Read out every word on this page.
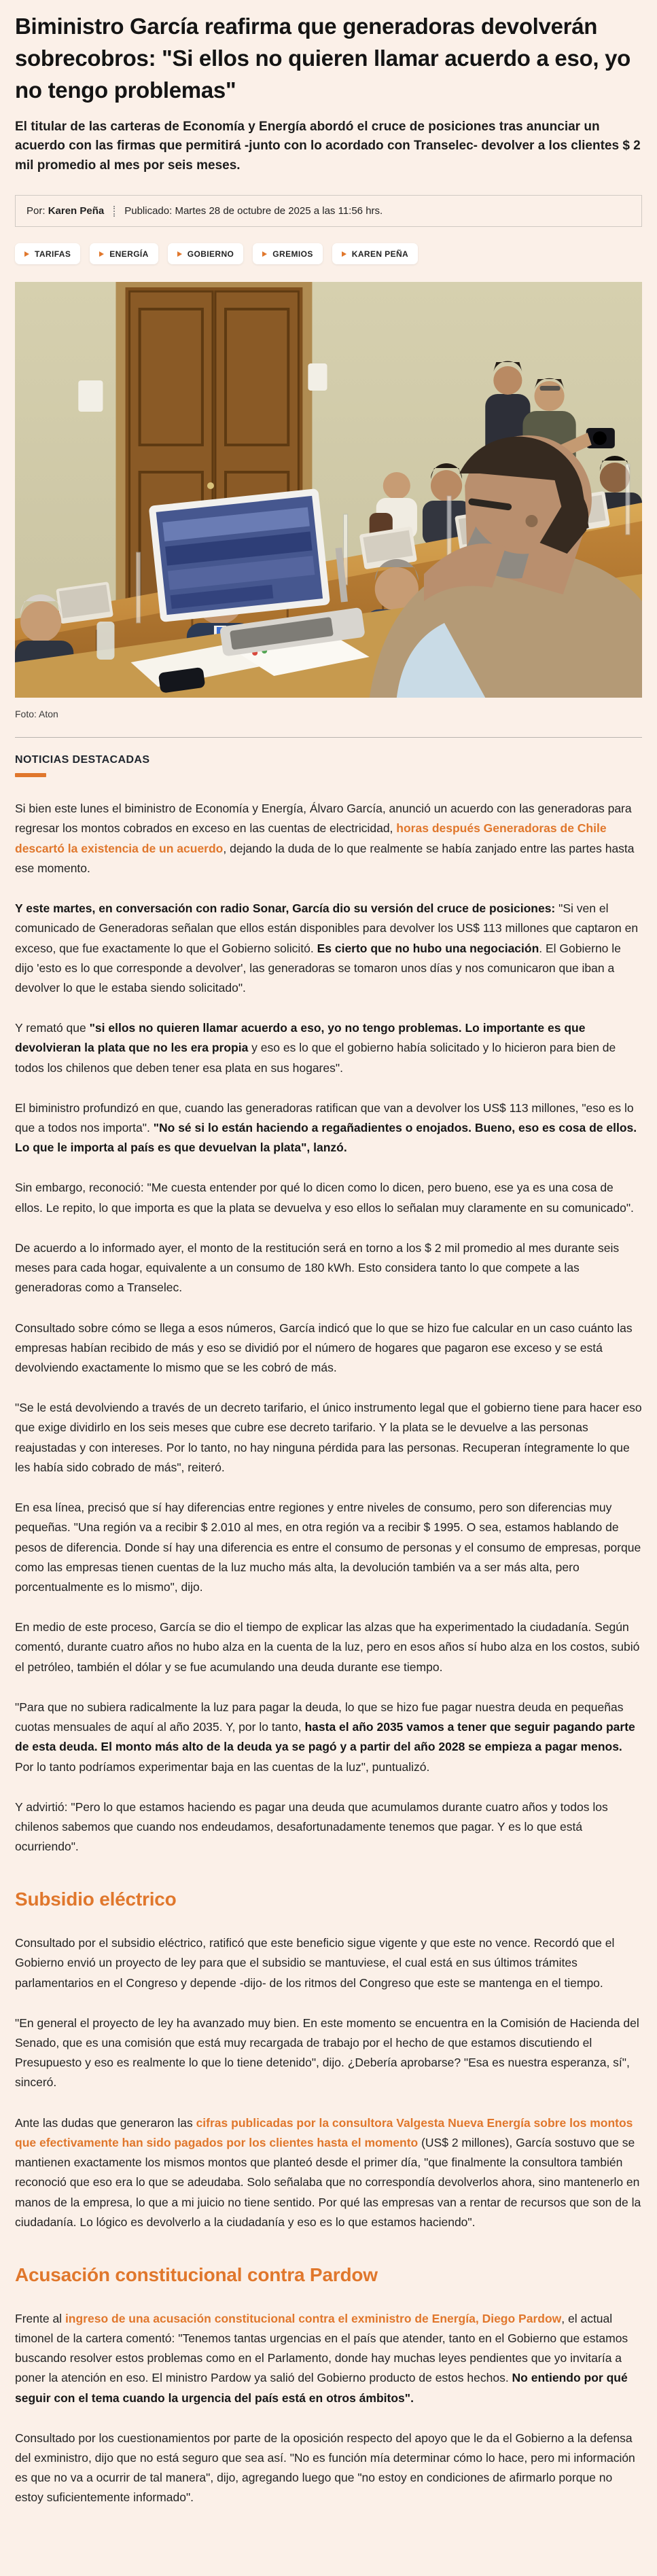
Biministro García reafirma que generadoras devolverán sobrecobros: "Si ellos no quieren llamar acuerdo a eso, yo no tengo problemas"

El titular de las carteras de Economía y Energía abordó el cruce de posiciones tras anunciar un acuerdo con las firmas que permitirá -junto con lo acordado con Transelec- devolver a los clientes $ 2 mil promedio al mes por seis meses.

Por: Karen Peña Publicado: Martes 28 de octubre de 2025 a las 11:56 hrs.
TARIFAS	ENERGÍA	GOBIERNO	GREMIOS	KAREN PEÑA
Foto: Aton
NOTICIAS DESTACADAS

Si bien este lunes el biministro de Economía y Energía, Álvaro García, anunció un acuerdo con las generadoras para regresar los montos cobrados en exceso en las cuentas de electricidad, horas después Generadoras de Chile descartó la existencia de un acuerdo, dejando la duda de lo que realmente se había zanjado entre las partes hasta ese momento.

Y este martes, en conversación con radio Sonar, García dio su versión del cruce de posiciones: "Si ven el comunicado de Generadoras señalan que ellos están disponibles para devolver los US$ 113 millones que captaron en exceso, que fue exactamente lo que el Gobierno solicitó. Es cierto que no hubo una negociación. El Gobierno le dijo 'esto es lo que corresponde a devolver', las generadoras se tomaron unos días y nos comunicaron que iban a devolver lo que le estaba siendo solicitado".

Y remató que "si ellos no quieren llamar acuerdo a eso, yo no tengo problemas. Lo importante es que devolvieran la plata que no les era propia y eso es lo que el gobierno había solicitado y lo hicieron para bien de todos los chilenos que deben tener esa plata en sus hogares".

El biministro profundizó en que, cuando las generadoras ratifican que van a devolver los US$ 113 millones, "eso es lo que a todos nos importa". "No sé si lo están haciendo a regañadientes o enojados. Bueno, eso es cosa de ellos. Lo que le importa al país es que devuelvan la plata", lanzó.

Sin embargo, reconoció: "Me cuesta entender por qué lo dicen como lo dicen, pero bueno, ese ya es una cosa de ellos. Le repito, lo que importa es que la plata se devuelva y eso ellos lo señalan muy claramente en su comunicado".

De acuerdo a lo informado ayer, el monto de la restitución será en torno a los $ 2 mil promedio al mes durante seis meses para cada hogar, equivalente a un consumo de 180 kWh. Esto considera tanto lo que compete a las generadoras como a Transelec.

Consultado sobre cómo se llega a esos números, García indicó que lo que se hizo fue calcular en un caso cuánto las empresas habían recibido de más y eso se dividió por el número de hogares que pagaron ese exceso y se está devolviendo exactamente lo mismo que se les cobró de más.

"Se le está devolviendo a través de un decreto tarifario, el único instrumento legal que el gobierno tiene para hacer eso que exige dividirlo en los seis meses que cubre ese decreto tarifario. Y la plata se le devuelve a las personas reajustadas y con intereses. Por lo tanto, no hay ninguna pérdida para las personas. Recuperan íntegramente lo que les había sido cobrado de más", reiteró.

En esa línea, precisó que sí hay diferencias entre regiones y entre niveles de consumo, pero son diferencias muy pequeñas. "Una región va a recibir $ 2.010 al mes, en otra región va a recibir $ 1995. O sea, estamos hablando de pesos de diferencia. Donde sí hay una diferencia es entre el consumo de personas y el consumo de empresas, porque como las empresas tienen cuentas de la luz mucho más alta, la devolución también va a ser más alta, pero porcentualmente es lo mismo", dijo.

En medio de este proceso, García se dio el tiempo de explicar las alzas que ha experimentado la ciudadanía. Según comentó, durante cuatro años no hubo alza en la cuenta de la luz, pero en esos años sí hubo alza en los costos, subió el petróleo, también el dólar y se fue acumulando una deuda durante ese tiempo.

"Para que no subiera radicalmente la luz para pagar la deuda, lo que se hizo fue pagar nuestra deuda en pequeñas cuotas mensuales de aquí al año 2035. Y, por lo tanto, hasta el año 2035 vamos a tener que seguir pagando parte de esta deuda. El monto más alto de la deuda ya se pagó y a partir del año 2028 se empieza a pagar menos. Por lo tanto podríamos experimentar baja en las cuentas de la luz", puntualizó.

Y advirtió: "Pero lo que estamos haciendo es pagar una deuda que acumulamos durante cuatro años y todos los chilenos sabemos que cuando nos endeudamos, desafortunadamente tenemos que pagar. Y es lo que está ocurriendo".

Subsidio eléctrico

Consultado por el subsidio eléctrico, ratificó que este beneficio sigue vigente y que este no vence. Recordó que el Gobierno envió un proyecto de ley para que el subsidio se mantuviese, el cual está en sus últimos trámites parlamentarios en el Congreso y depende -dijo- de los ritmos del Congreso que este se mantenga en el tiempo.

"En general el proyecto de ley ha avanzado muy bien. En este momento se encuentra en la Comisión de Hacienda del Senado, que es una comisión que está muy recargada de trabajo por el hecho de que estamos discutiendo el Presupuesto y eso es realmente lo que lo tiene detenido", dijo. ¿Debería aprobarse? "Esa es nuestra esperanza, sí", sinceró.

Ante las dudas que generaron las cifras publicadas por la consultora Valgesta Nueva Energía sobre los montos que efectivamente han sido pagados por los clientes hasta el momento (US$ 2 millones), García sostuvo que se mantienen exactamente los mismos montos que planteó desde el primer día, "que finalmente la consultora también reconoció que eso era lo que se adeudaba. Solo señalaba que no correspondía devolverlos ahora, sino mantenerlo en manos de la empresa, lo que a mi juicio no tiene sentido. Por qué las empresas van a rentar de recursos que son de la ciudadanía. Lo lógico es devolverlo a la ciudadanía y eso es lo que estamos haciendo".

Acusación constitucional contra Pardow

Frente al ingreso de una acusación constitucional contra el exministro de Energía, Diego Pardow, el actual timonel de la cartera comentó: "Tenemos tantas urgencias en el país que atender, tanto en el Gobierno que estamos buscando resolver estos problemas como en el Parlamento, donde hay muchas leyes pendientes que yo invitaría a poner la atención en eso. El ministro Pardow ya salió del Gobierno producto de estos hechos. No entiendo por qué seguir con el tema cuando la urgencia del país está en otros ámbitos".

Consultado por los cuestionamientos por parte de la oposición respecto del apoyo que le da el Gobierno a la defensa del exministro, dijo que no está seguro que sea así. "No es función mía determinar cómo lo hace, pero mi información es que no va a ocurrir de tal manera", dijo, agregando luego que "no estoy en condiciones de afirmarlo porque no estoy suficientemente informado".
